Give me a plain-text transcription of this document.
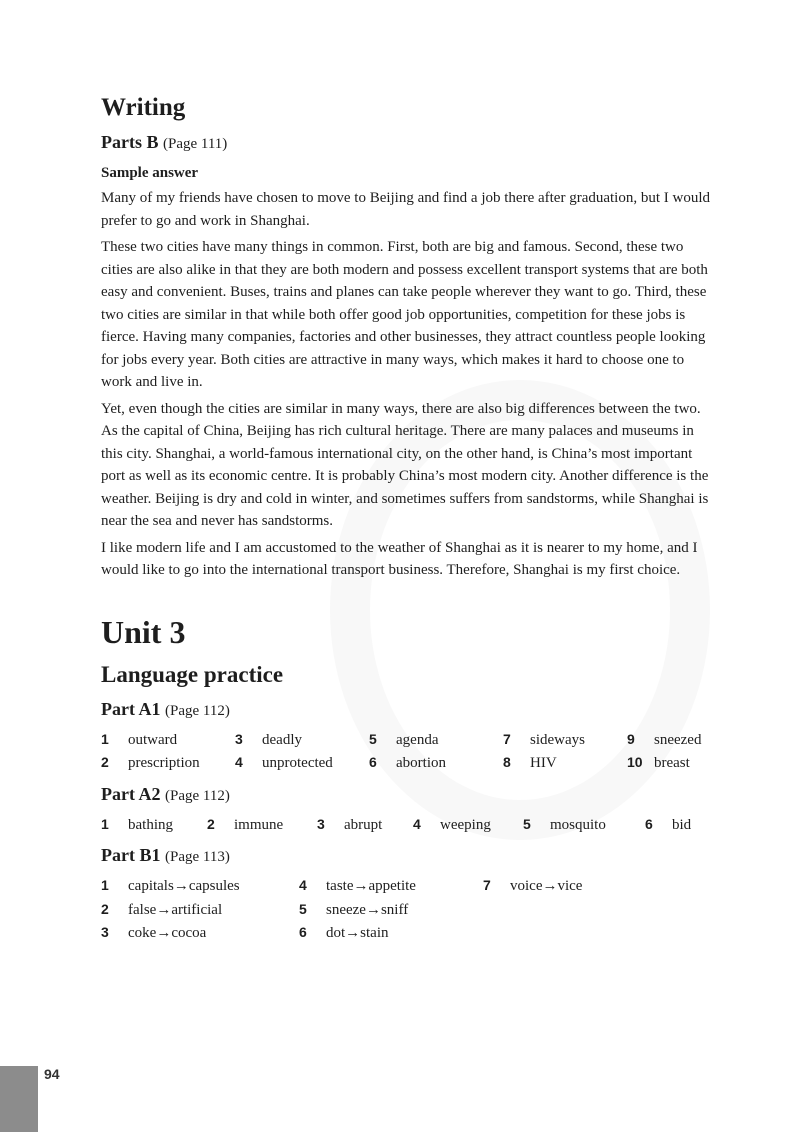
Writing
Parts B (Page 111)
Sample answer

Many of my friends have chosen to move to Beijing and find a job there after graduation, but I would prefer to go and work in Shanghai.

These two cities have many things in common. First, both are big and famous. Second, these two cities are also alike in that they are both modern and possess excellent transport systems that are both easy and convenient. Buses, trains and planes can take people wherever they want to go. Third, these two cities are similar in that while both offer good job opportunities, competition for these jobs is fierce. Having many companies, factories and other businesses, they attract countless people looking for jobs every year. Both cities are attractive in many ways, which makes it hard to choose one to work and live in.

Yet, even though the cities are similar in many ways, there are also big differences between the two. As the capital of China, Beijing has rich cultural heritage. There are many palaces and museums in this city. Shanghai, a world-famous international city, on the other hand, is China’s most important port as well as its economic centre. It is probably China’s most modern city. Another difference is the weather. Beijing is dry and cold in winter, and sometimes suffers from sandstorms, while Shanghai is near the sea and never has sandstorms.

I like modern life and I am accustomed to the weather of Shanghai as it is nearer to my home, and I would like to go into the international transport business. Therefore, Shanghai is my first choice.

Unit 3
Language practice
Part A1 (Page 112)
1 outward	3 deadly	5 agenda	7 sideways	9 sneezed
2 prescription	4 unprotected	6 abortion	8 HIV	10 breast
Part A2 (Page 112)
1 bathing	2 immune	3 abrupt	4 weeping	5 mosquito	6 bid
Part B1 (Page 113)
1 capitals→capsules	4 taste→appetite	7 voice→vice
2 false→artificial	5 sneeze→sniff
3 coke→cocoa	6 dot→stain
94
